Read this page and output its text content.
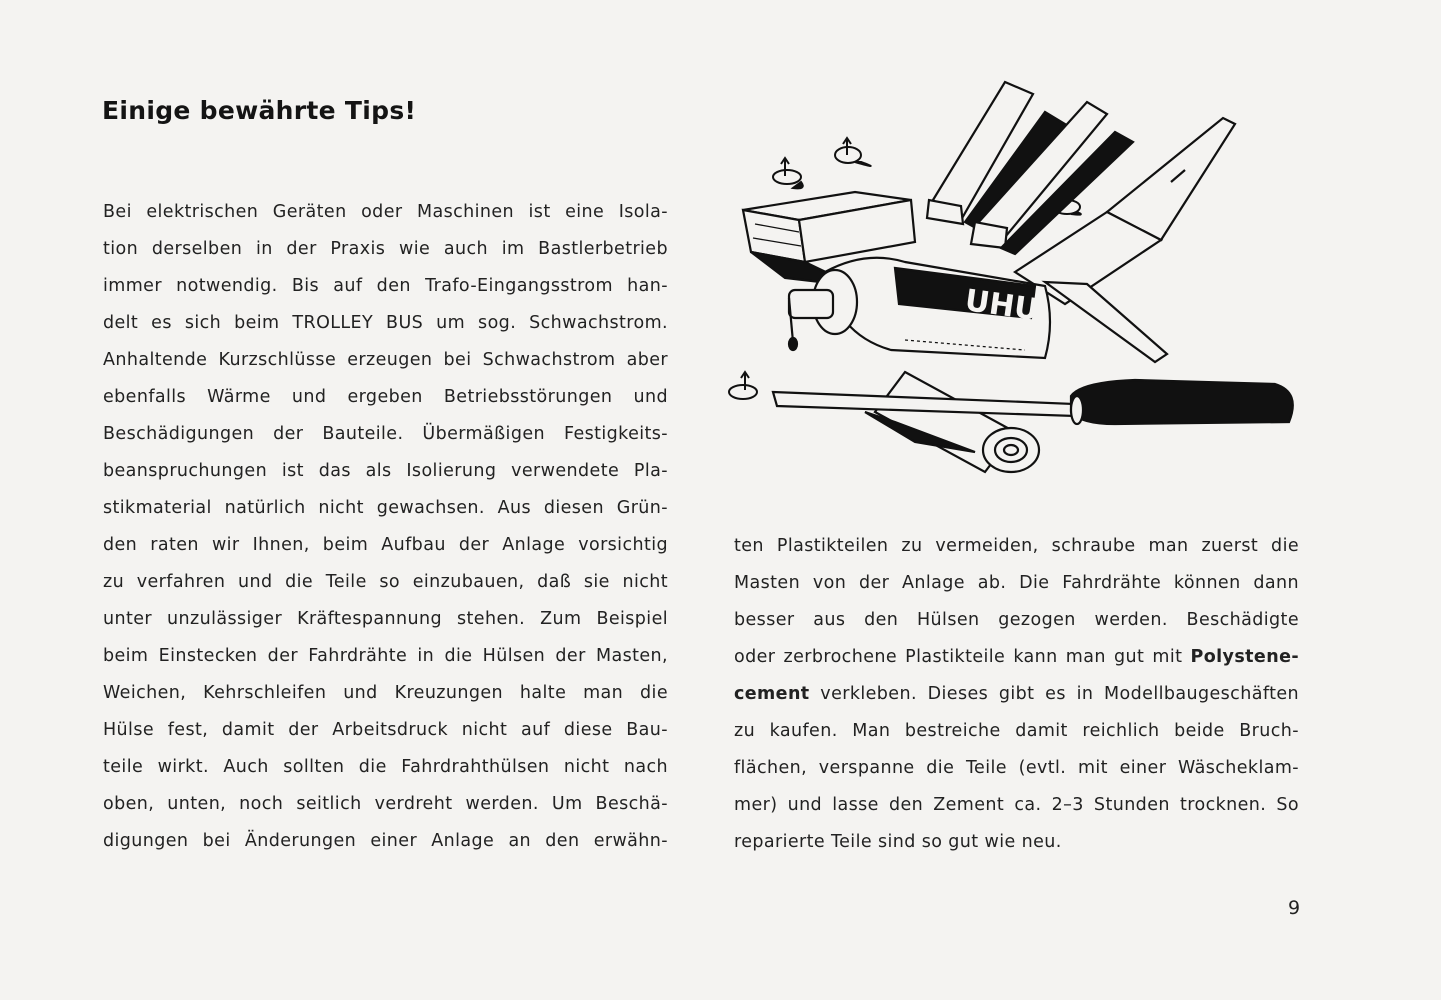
Einige bewährte Tips!
Bei elektrischen Geräten oder Maschinen ist eine Isola-
tion derselben in der Praxis wie auch im Bastlerbetrieb
immer notwendig. Bis auf den Trafo-Eingangsstrom han-
delt es sich beim TROLLEY BUS um sog. Schwachstrom.
Anhaltende Kurzschlüsse erzeugen bei Schwachstrom aber
ebenfalls Wärme und ergeben Betriebsstörungen und
Beschädigungen der Bauteile. Übermäßigen Festigkeits-
beanspruchungen ist das als Isolierung verwendete Pla-
stikmaterial natürlich nicht gewachsen. Aus diesen Grün-
den raten wir Ihnen, beim Aufbau der Anlage vorsichtig
zu verfahren und die Teile so einzubauen, daß sie nicht
unter unzulässiger Kräftespannung stehen. Zum Beispiel
beim Einstecken der Fahrdrähte in die Hülsen der Masten,
Weichen, Kehrschleifen und Kreuzungen halte man die
Hülse fest, damit der Arbeitsdruck nicht auf diese Bau-
teile wirkt. Auch sollten die Fahrdrahthülsen nicht nach
oben, unten, noch seitlich verdreht werden. Um Beschä-
digungen bei Änderungen einer Anlage an den erwähn-
UHU
ten Plastikteilen zu vermeiden, schraube man zuerst die
Masten von der Anlage ab. Die Fahrdrähte können dann
besser aus den Hülsen gezogen werden. Beschädigte
oder zerbrochene Plastikteile kann man gut mit Polystene-
cement verkleben. Dieses gibt es in Modellbaugeschäften
zu kaufen. Man bestreiche damit reichlich beide Bruch-
flächen, verspanne die Teile (evtl. mit einer Wäscheklam-
mer) und lasse den Zement ca. 2–3 Stunden trocknen. So
reparierte Teile sind so gut wie neu.
9
